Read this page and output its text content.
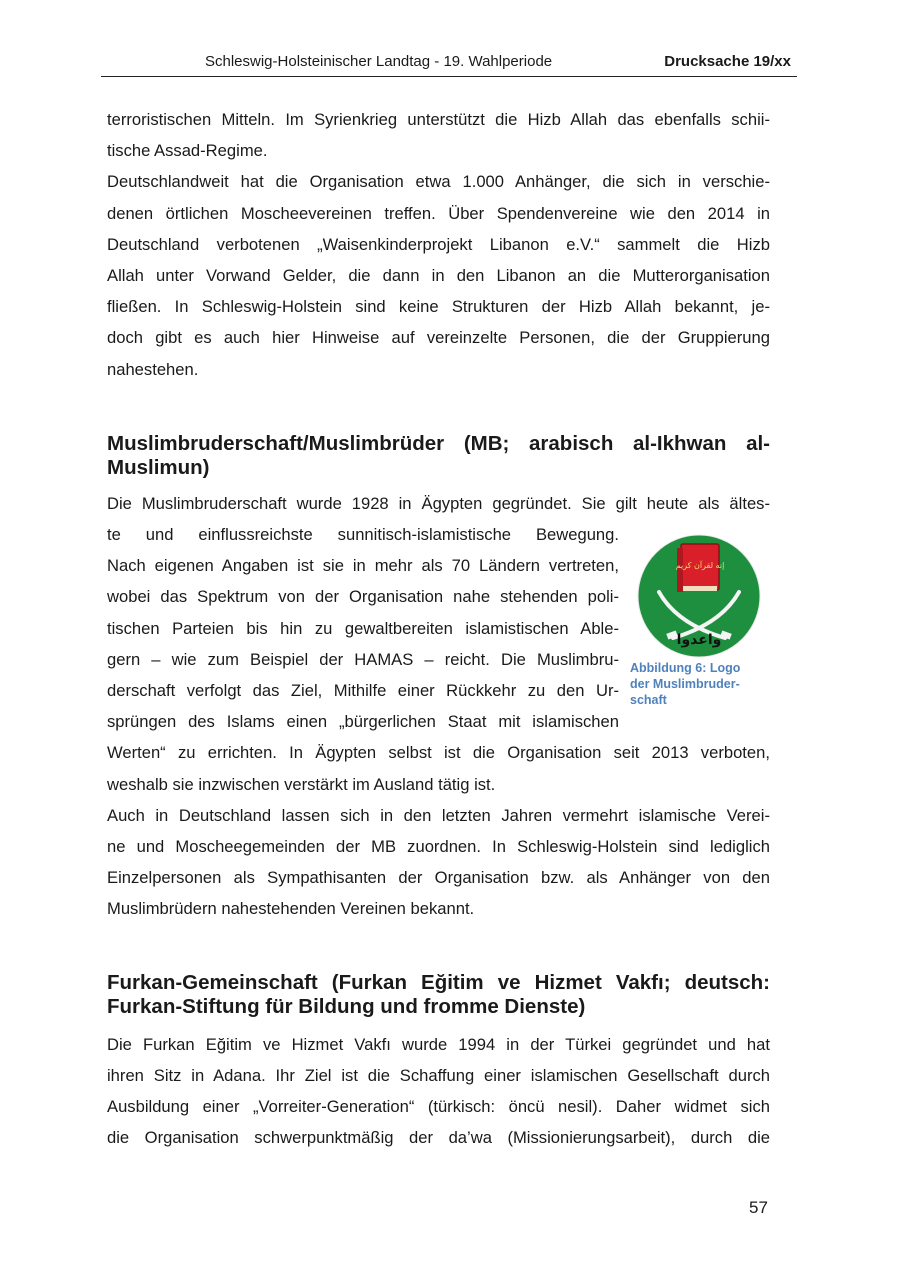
Schleswig-Holsteinischer Landtag - 19. Wahlperiode	Drucksache 19/xx

terroristischen Mitteln. Im Syrienkrieg unterstützt die Hizb Allah das ebenfalls schii-
tische Assad-Regime.
Deutschlandweit hat die Organisation etwa 1.000 Anhänger, die sich in verschie-
denen örtlichen Moscheevereinen treffen. Über Spendenvereine wie den 2014 in
Deutschland verbotenen „Waisenkinderprojekt Libanon e.V.“ sammelt die Hizb
Allah unter Vorwand Gelder, die dann in den Libanon an die Mutterorganisation
fließen. In Schleswig-Holstein sind keine Strukturen der Hizb Allah bekannt, je-
doch gibt es auch hier Hinweise auf vereinzelte Personen, die der Gruppierung
nahestehen.

Muslimbruderschaft/Muslimbrüder (MB; arabisch al-Ikhwan al-
Muslimun)

Die Muslimbruderschaft wurde 1928 in Ägypten gegründet. Sie gilt heute als ältes-

te und einflussreichste sunnitisch-islamistische Bewegung.
Nach eigenen Angaben ist sie in mehr als 70 Ländern vertreten,
wobei das Spektrum von der Organisation nahe stehenden poli-
tischen Parteien bis hin zu gewaltbereiten islamistischen Able-
gern – wie zum Beispiel der HAMAS – reicht. Die Muslimbru-
derschaft verfolgt das Ziel, Mithilfe einer Rückkehr zu den Ur-
sprüngen des Islams einen „bürgerlichen Staat mit islamischen

Werten“ zu errichten. In Ägypten selbst ist die Organisation seit 2013 verboten,
weshalb sie inzwischen verstärkt im Ausland tätig ist.
Auch in Deutschland lassen sich in den letzten Jahren vermehrt islamische Verei-
ne und Moscheegemeinden der MB zuordnen. In Schleswig-Holstein sind lediglich
Einzelpersonen als Sympathisanten der Organisation bzw. als Anhänger von den
Muslimbrüdern nahestehenden Vereinen bekannt.

Furkan-Gemeinschaft (Furkan Eğitim ve Hizmet Vakfı; deutsch:
Furkan-Stiftung für Bildung und fromme Dienste)

Die Furkan Eğitim ve Hizmet Vakfı wurde 1994 in der Türkei gegründet und hat
ihren Sitz in Adana. Ihr Ziel ist die Schaffung einer islamischen Gesellschaft durch
Ausbildung einer „Vorreiter-Generation“ (türkisch: öncü nesil). Daher widmet sich
die Organisation schwerpunktmäßig der da’wa (Missionierungsarbeit), durch die

إنه لقرآن كريم
واعدوا
Abbildung 6: Logo
der Muslimbruder-
schaft
57
